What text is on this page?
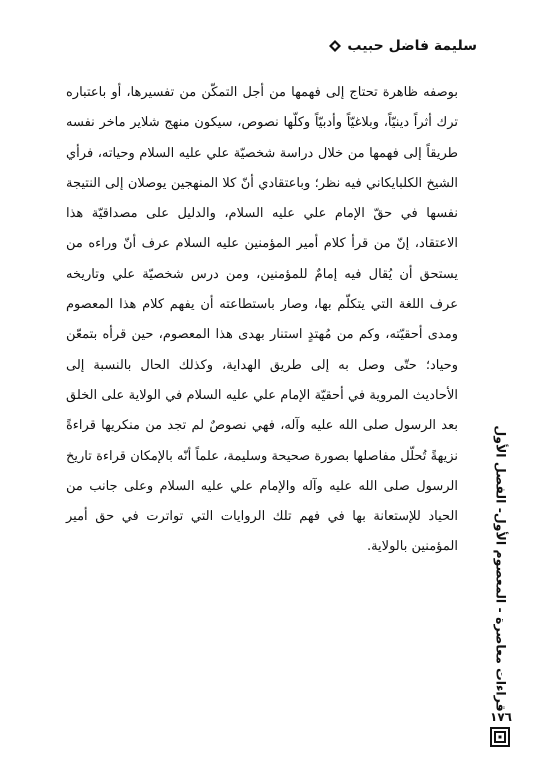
سليمة فاضل حبيب

بوصفه ظاهرة تحتاج إلى فهمها من أجل التمكّن من تفسيرها، أو باعتباره ترك أثراً دينيّاً، وبلاغيّاً وأدبيّاً وكلّها نصوص، سيكون منهج شلاير ماخر نفسه طريقاً إلى فهمها من خلال دراسة شخصيّة علي عليه السلام وحياته، فرأي الشيخ الكلبايكاني فيه نظر؛ وباعتقادي أنّ كلا المنهجين يوصلان إلى النتيجة نفسها في حقّ الإمام علي عليه السلام، والدليل على مصداقيّة هذا الاعتقاد، إنّ من قرأ كلام أمير المؤمنين عليه السلام عرف أنّ وراءه من يستحق أن يُقال فيه إمامٌ للمؤمنين، ومن درس شخصيّة علي وتاريخه عرف اللغة التي يتكلّم بها، وصار باستطاعته أن يفهم كلام هذا المعصوم ومدى أحقيّته، وكم من مُهتدٍ استنار بهدى هذا المعصوم، حين قرأه بتمعّن وحياد؛ حتّى وصل به إلى طريق الهداية، وكذلك الحال بالنسبة إلى الأحاديث المروية في أحقيّة الإمام علي عليه السلام في الولاية على الخلق بعد الرسول صلى الله عليه وآله، فهي نصوصٌ لم تجد من منكريها قراءةً نزيهةً تُحلّل مفاصلها بصورة صحيحة وسليمة، علماً أنّه بالإمكان قراءة تاريخ الرسول صلى الله عليه وآله والإمام علي عليه السلام وعلى جانب من الحياد للإستعانة بها في فهم تلك الروايات التي تواترت في حق أمير المؤمنين بالولاية.	قراءات معاصرة - المعصوم الأول- الفصل الأول
١٧٦
